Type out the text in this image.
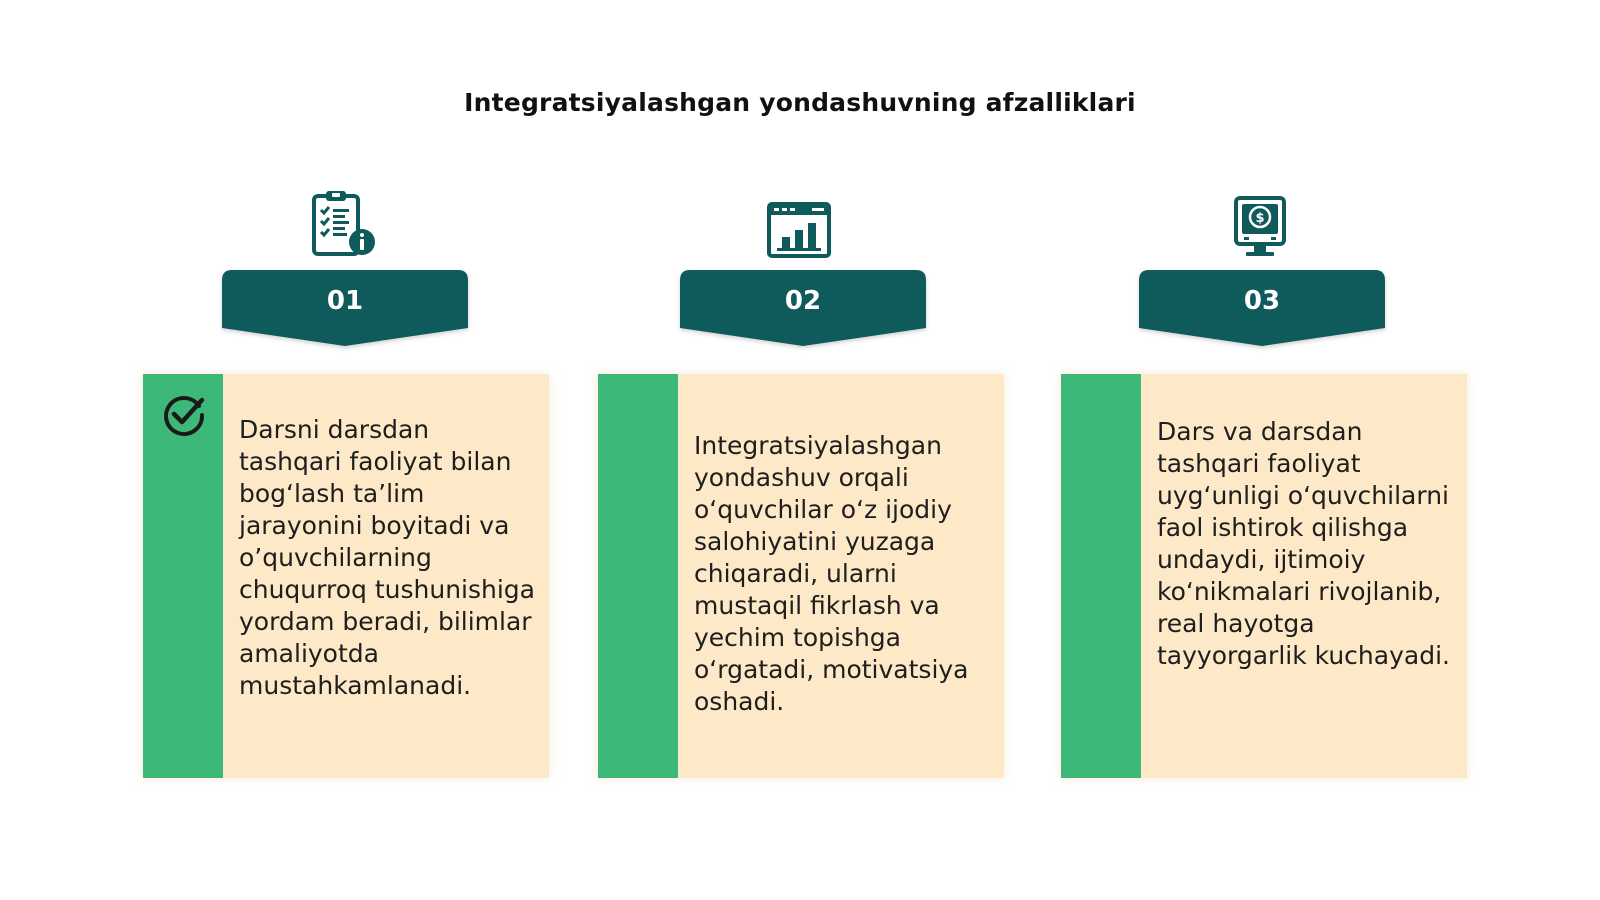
Integratsiyalashgan yondashuvning afzalliklari
01
Darsni darsdan tashqari faoliyat bilan bog‘lash ta’lim jarayonini boyitadi va o’quvchilarning chuqurroq tushunishiga yordam beradi, bilimlar amaliyotda mustahkamlanadi.
02
Integratsiyalashgan yondashuv orqali o‘quvchilar o‘z ijodiy salohiyatini yuzaga chiqaradi, ularni mustaqil fikrlash va yechim topishga o‘rgatadi, motivatsiya oshadi.
$
03
Dars va darsdan tashqari faoliyat uyg‘unligi o‘quvchilarni faol ishtirok qilishga undaydi, ijtimoiy ko‘nikmalari rivojlanib, real hayotga tayyorgarlik kuchayadi.
